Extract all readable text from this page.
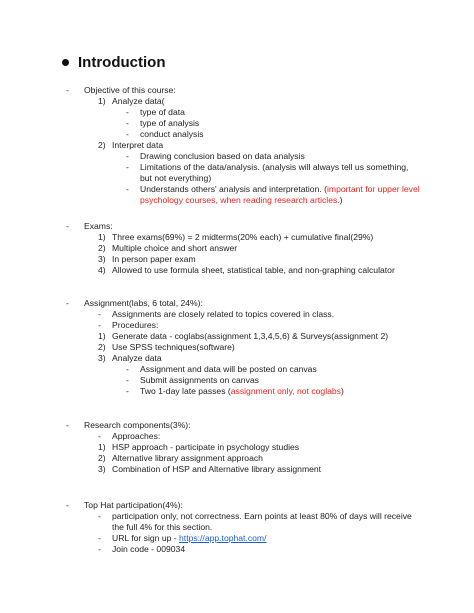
Introduction
- Objective of this course:
1) Analyze data(
- type of data
- type of analysis
- conduct analysis
2) Interpret data
- Drawing conclusion based on data analysis
- Limitations of the data/analysis. (analysis will always tell us something,
but not everything)
- Understands others' analysis and interpretation. (important for upper level
psychology courses, when reading research articles.)
- Exams:
1) Three exams(69%) = 2 midterms(20% each) + cumulative final(29%)
2) Multiple choice and short answer
3) In person paper exam
4) Allowed to use formula sheet, statistical table, and non-graphing calculator
- Assignment(labs, 6 total, 24%):
- Assignments are closely related to topics covered in class.
- Procedures:
1) Generate data - coglabs(assignment 1,3,4,5,6) & Surveys(assignment 2)
2) Use SPSS techniques(software)
3) Analyze data
- Assignment and data will be posted on canvas
- Submit assignments on canvas
- Two 1-day late passes (assignment only, not coglabs)
- Research components(3%):
- Approaches:
1) HSP approach - participate in psychology studies
2) Alternative library assignment approach
3) Combination of HSP and Alternative library assignment
- Top Hat participation(4%):
- participation only, not correctness. Earn points at least 80% of days will receive
the full 4% for this section.
- URL for sign up - https://app.tophat.com/
- Join code - 009034
